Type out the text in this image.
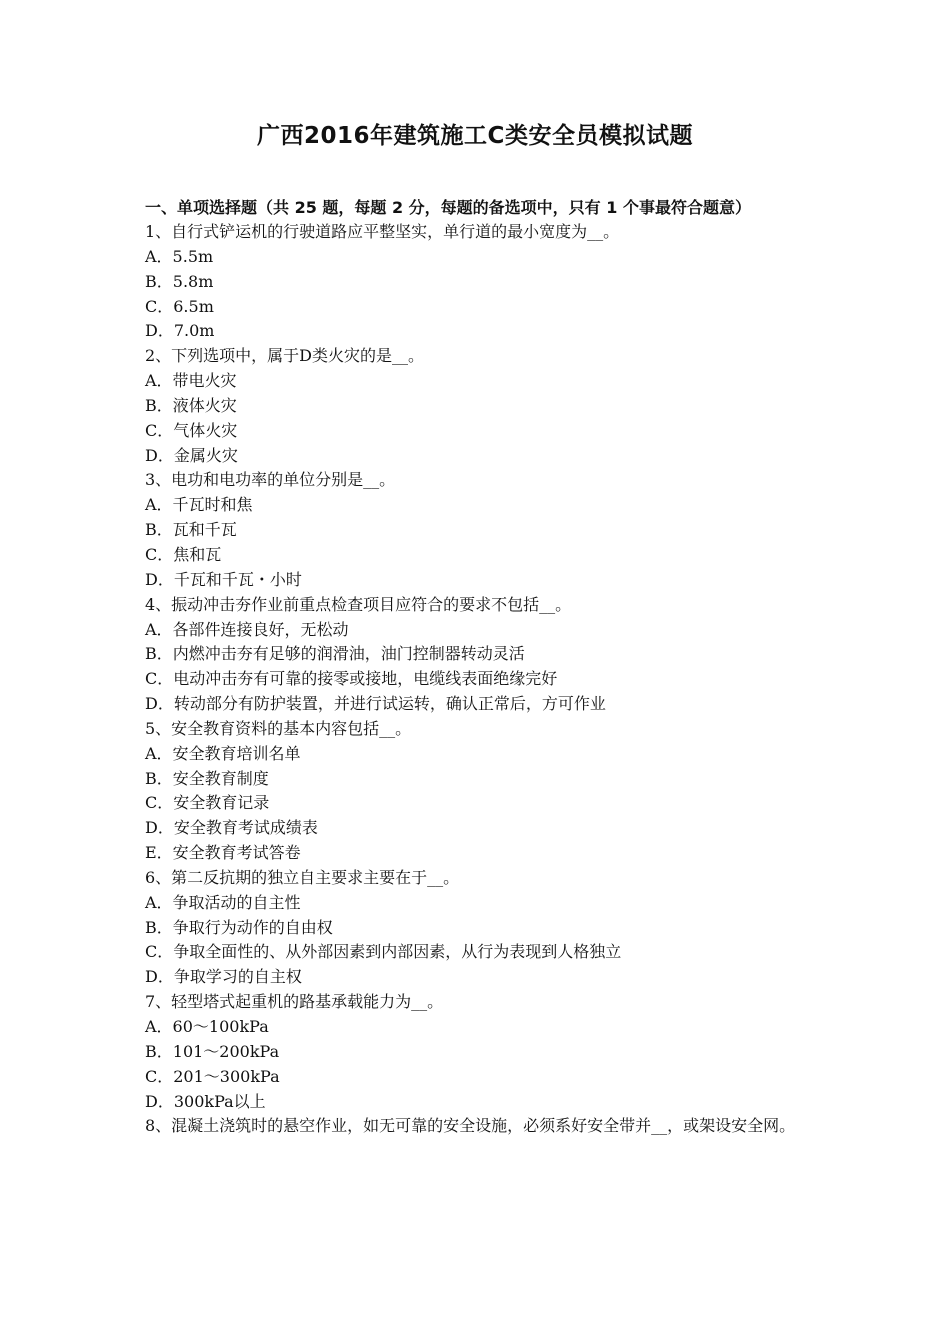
广西2016年建筑施工C类安全员模拟试题

一、单项选择题（共 25 题，每题 2 分，每题的备选项中，只有 1 个事最符合题意）

1、自行式铲运机的行驶道路应平整坚实，单行道的最小宽度为__。

A．5.5m
B．5.8m
C．6.5m
D．7.0m

2、下列选项中，属于D类火灾的是__。

A．带电火灾
B．液体火灾
C．气体火灾
D．金属火灾

3、电功和电功率的单位分别是__。

A．千瓦时和焦
B．瓦和千瓦
C．焦和瓦
D．千瓦和千瓦・小时

4、振动冲击夯作业前重点检查项目应符合的要求不包括__。

A．各部件连接良好，无松动
B．内燃冲击夯有足够的润滑油，油门控制器转动灵活
C．电动冲击夯有可靠的接零或接地，电缆线表面绝缘完好
D．转动部分有防护装置，并进行试运转，确认正常后，方可作业

5、安全教育资料的基本内容包括__。

A．安全教育培训名单
B．安全教育制度
C．安全教育记录
D．安全教育考试成绩表
E．安全教育考试答卷

6、第二反抗期的独立自主要求主要在于__。

A．争取活动的自主性
B．争取行为动作的自由权
C．争取全面性的、从外部因素到内部因素，从行为表现到人格独立
D．争取学习的自主权

7、轻型塔式起重机的路基承载能力为__。

A．60～100kPa
B．101～200kPa
C．201～300kPa
D．300kPa以上

8、混凝土浇筑时的悬空作业，如无可靠的安全设施，必须系好安全带并__，或架设安全网。
